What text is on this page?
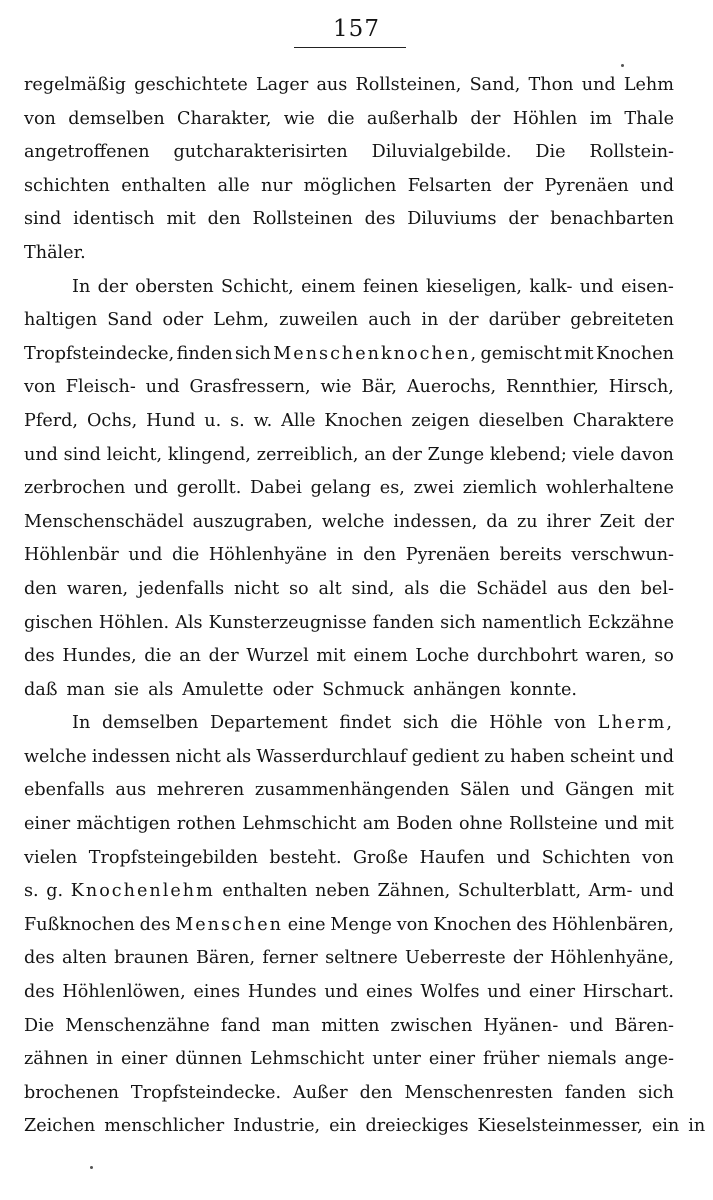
157
regelmäßig geschichtete Lager aus Rollsteinen, Sand, Thon und Lehm
von demselben Charakter, wie die außerhalb der Höhlen im Thale
angetroffenen gutcharakterisirten Diluvialgebilde. Die Rollstein-
schichten enthalten alle nur möglichen Felsarten der Pyrenäen und
sind identisch mit den Rollsteinen des Diluviums der benachbarten
Thäler.
In der obersten Schicht, einem feinen kieseligen, kalk- und eisen-
haltigen Sand oder Lehm, zuweilen auch in der darüber gebreiteten
Tropfsteindecke, finden sich Menschenknochen, gemischt mit Knochen
von Fleisch- und Grasfressern, wie Bär, Auerochs, Rennthier, Hirsch,
Pferd, Ochs, Hund u. s. w. Alle Knochen zeigen dieselben Charaktere
und sind leicht, klingend, zerreiblich, an der Zunge klebend; viele davon
zerbrochen und gerollt. Dabei gelang es, zwei ziemlich wohlerhaltene
Menschenschädel auszugraben, welche indessen, da zu ihrer Zeit der
Höhlenbär und die Höhlenhyäne in den Pyrenäen bereits verschwun-
den waren, jedenfalls nicht so alt sind, als die Schädel aus den bel-
gischen Höhlen. Als Kunsterzeugnisse fanden sich namentlich Eckzähne
des Hundes, die an der Wurzel mit einem Loche durchbohrt waren, so
daß man sie als Amulette oder Schmuck anhängen konnte.
In demselben Departement findet sich die Höhle von Lherm,
welche indessen nicht als Wasserdurchlauf gedient zu haben scheint und
ebenfalls aus mehreren zusammenhängenden Sälen und Gängen mit
einer mächtigen rothen Lehmschicht am Boden ohne Rollsteine und mit
vielen Tropfsteingebilden besteht. Große Haufen und Schichten von
s. g. Knochenlehm enthalten neben Zähnen, Schulterblatt, Arm- und
Fußknochen des Menschen eine Menge von Knochen des Höhlenbären,
des alten braunen Bären, ferner seltnere Ueberreste der Höhlenhyäne,
des Höhlenlöwen, eines Hundes und eines Wolfes und einer Hirschart.
Die Menschenzähne fand man mitten zwischen Hyänen- und Bären-
zähnen in einer dünnen Lehmschicht unter einer früher niemals ange-
brochenen Tropfsteindecke. Außer den Menschenresten fanden sich
Zeichen menschlicher Industrie, ein dreieckiges Kieselsteinmesser, ein in
